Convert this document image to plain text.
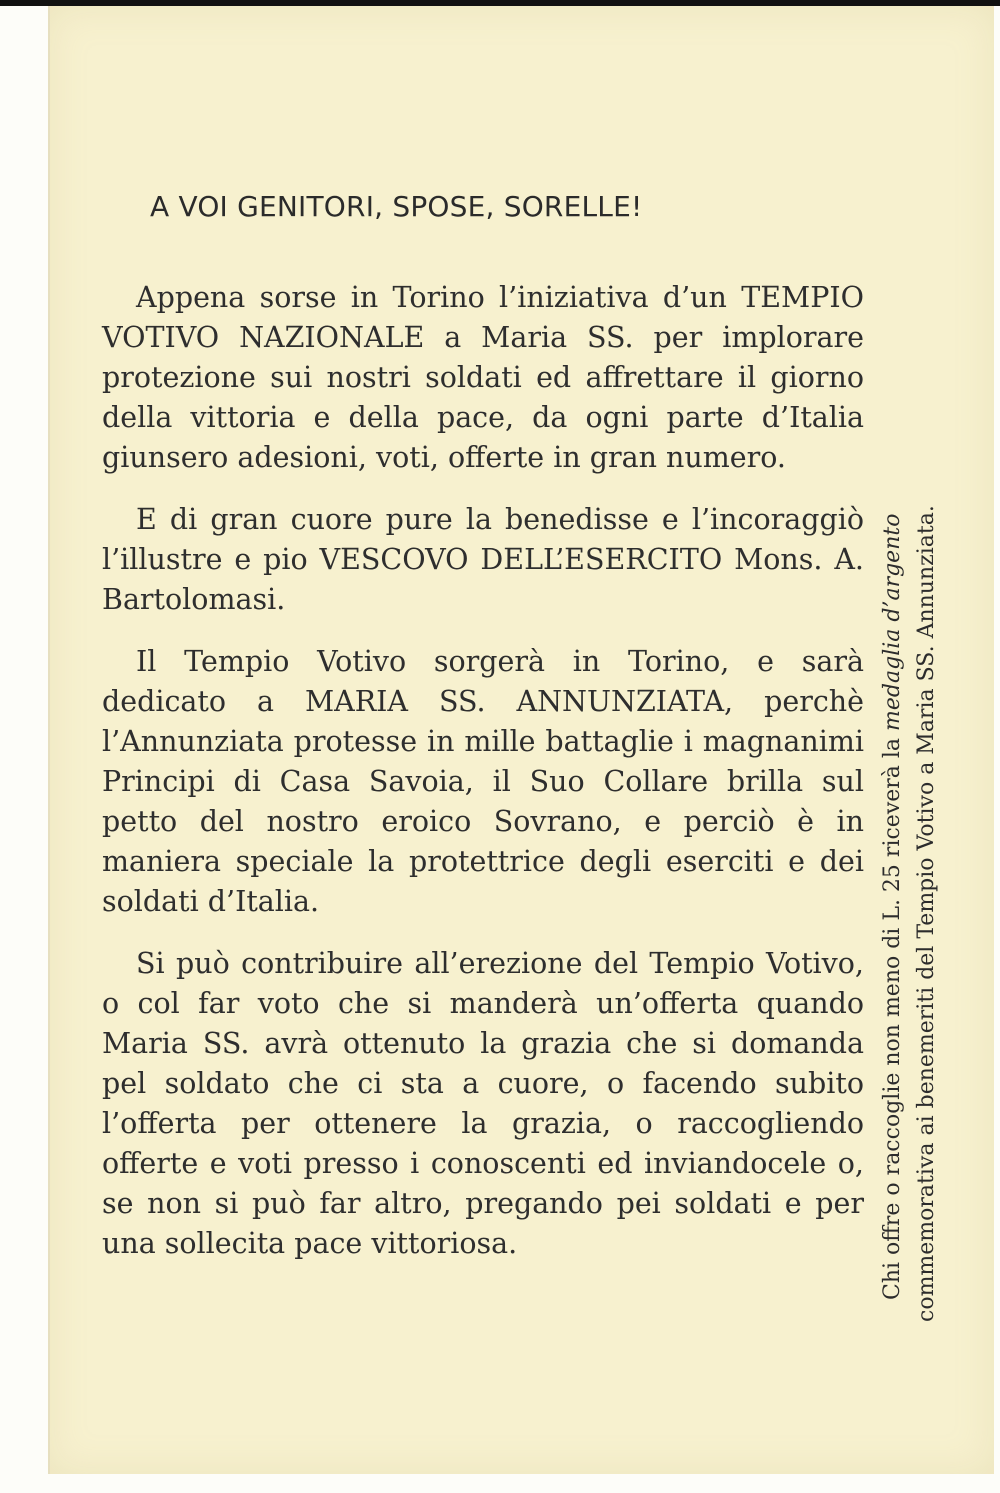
A VOI GENITORI, SPOSE, SORELLE!

Appena sorse in Torino l’iniziativa d’un TEMPIO VOTIVO NAZIONALE a Maria SS. per implorare protezione sui nostri soldati ed affrettare il giorno della vittoria e della pace, da ogni parte d’Italia giunsero adesioni, voti, offerte in gran numero.

E di gran cuore pure la benedisse e l’incoraggiò l’illustre e pio VESCOVO DELL’ESERCITO Mons. A. Bartolomasi.

Il Tempio Votivo sorgerà in Torino, e sarà dedicato a MARIA SS. ANNUNZIATA, perchè l’Annunziata protesse in mille battaglie i magnanimi Principi di Casa Savoia, il Suo Collare brilla sul petto del nostro eroico Sovrano, e perciò è in maniera speciale la protettrice degli eserciti e dei soldati d’Italia.

Si può contribuire all’erezione del Tempio Votivo, o col far voto che si manderà un’offerta quando Maria SS. avrà ottenuto la grazia che si domanda pel soldato che ci sta a cuore, o facendo subito l’offerta per ottenere la grazia, o raccogliendo offerte e voti presso i conoscenti ed inviandocele o, se non si può far altro, pregando pei soldati e per una sollecita pace vittoriosa.	Chi offre o raccoglie non meno di L. 25 riceverà la medaglia d’argento commemorativa ai benemeriti del Tempio Votivo a Maria SS. Annunziata.
